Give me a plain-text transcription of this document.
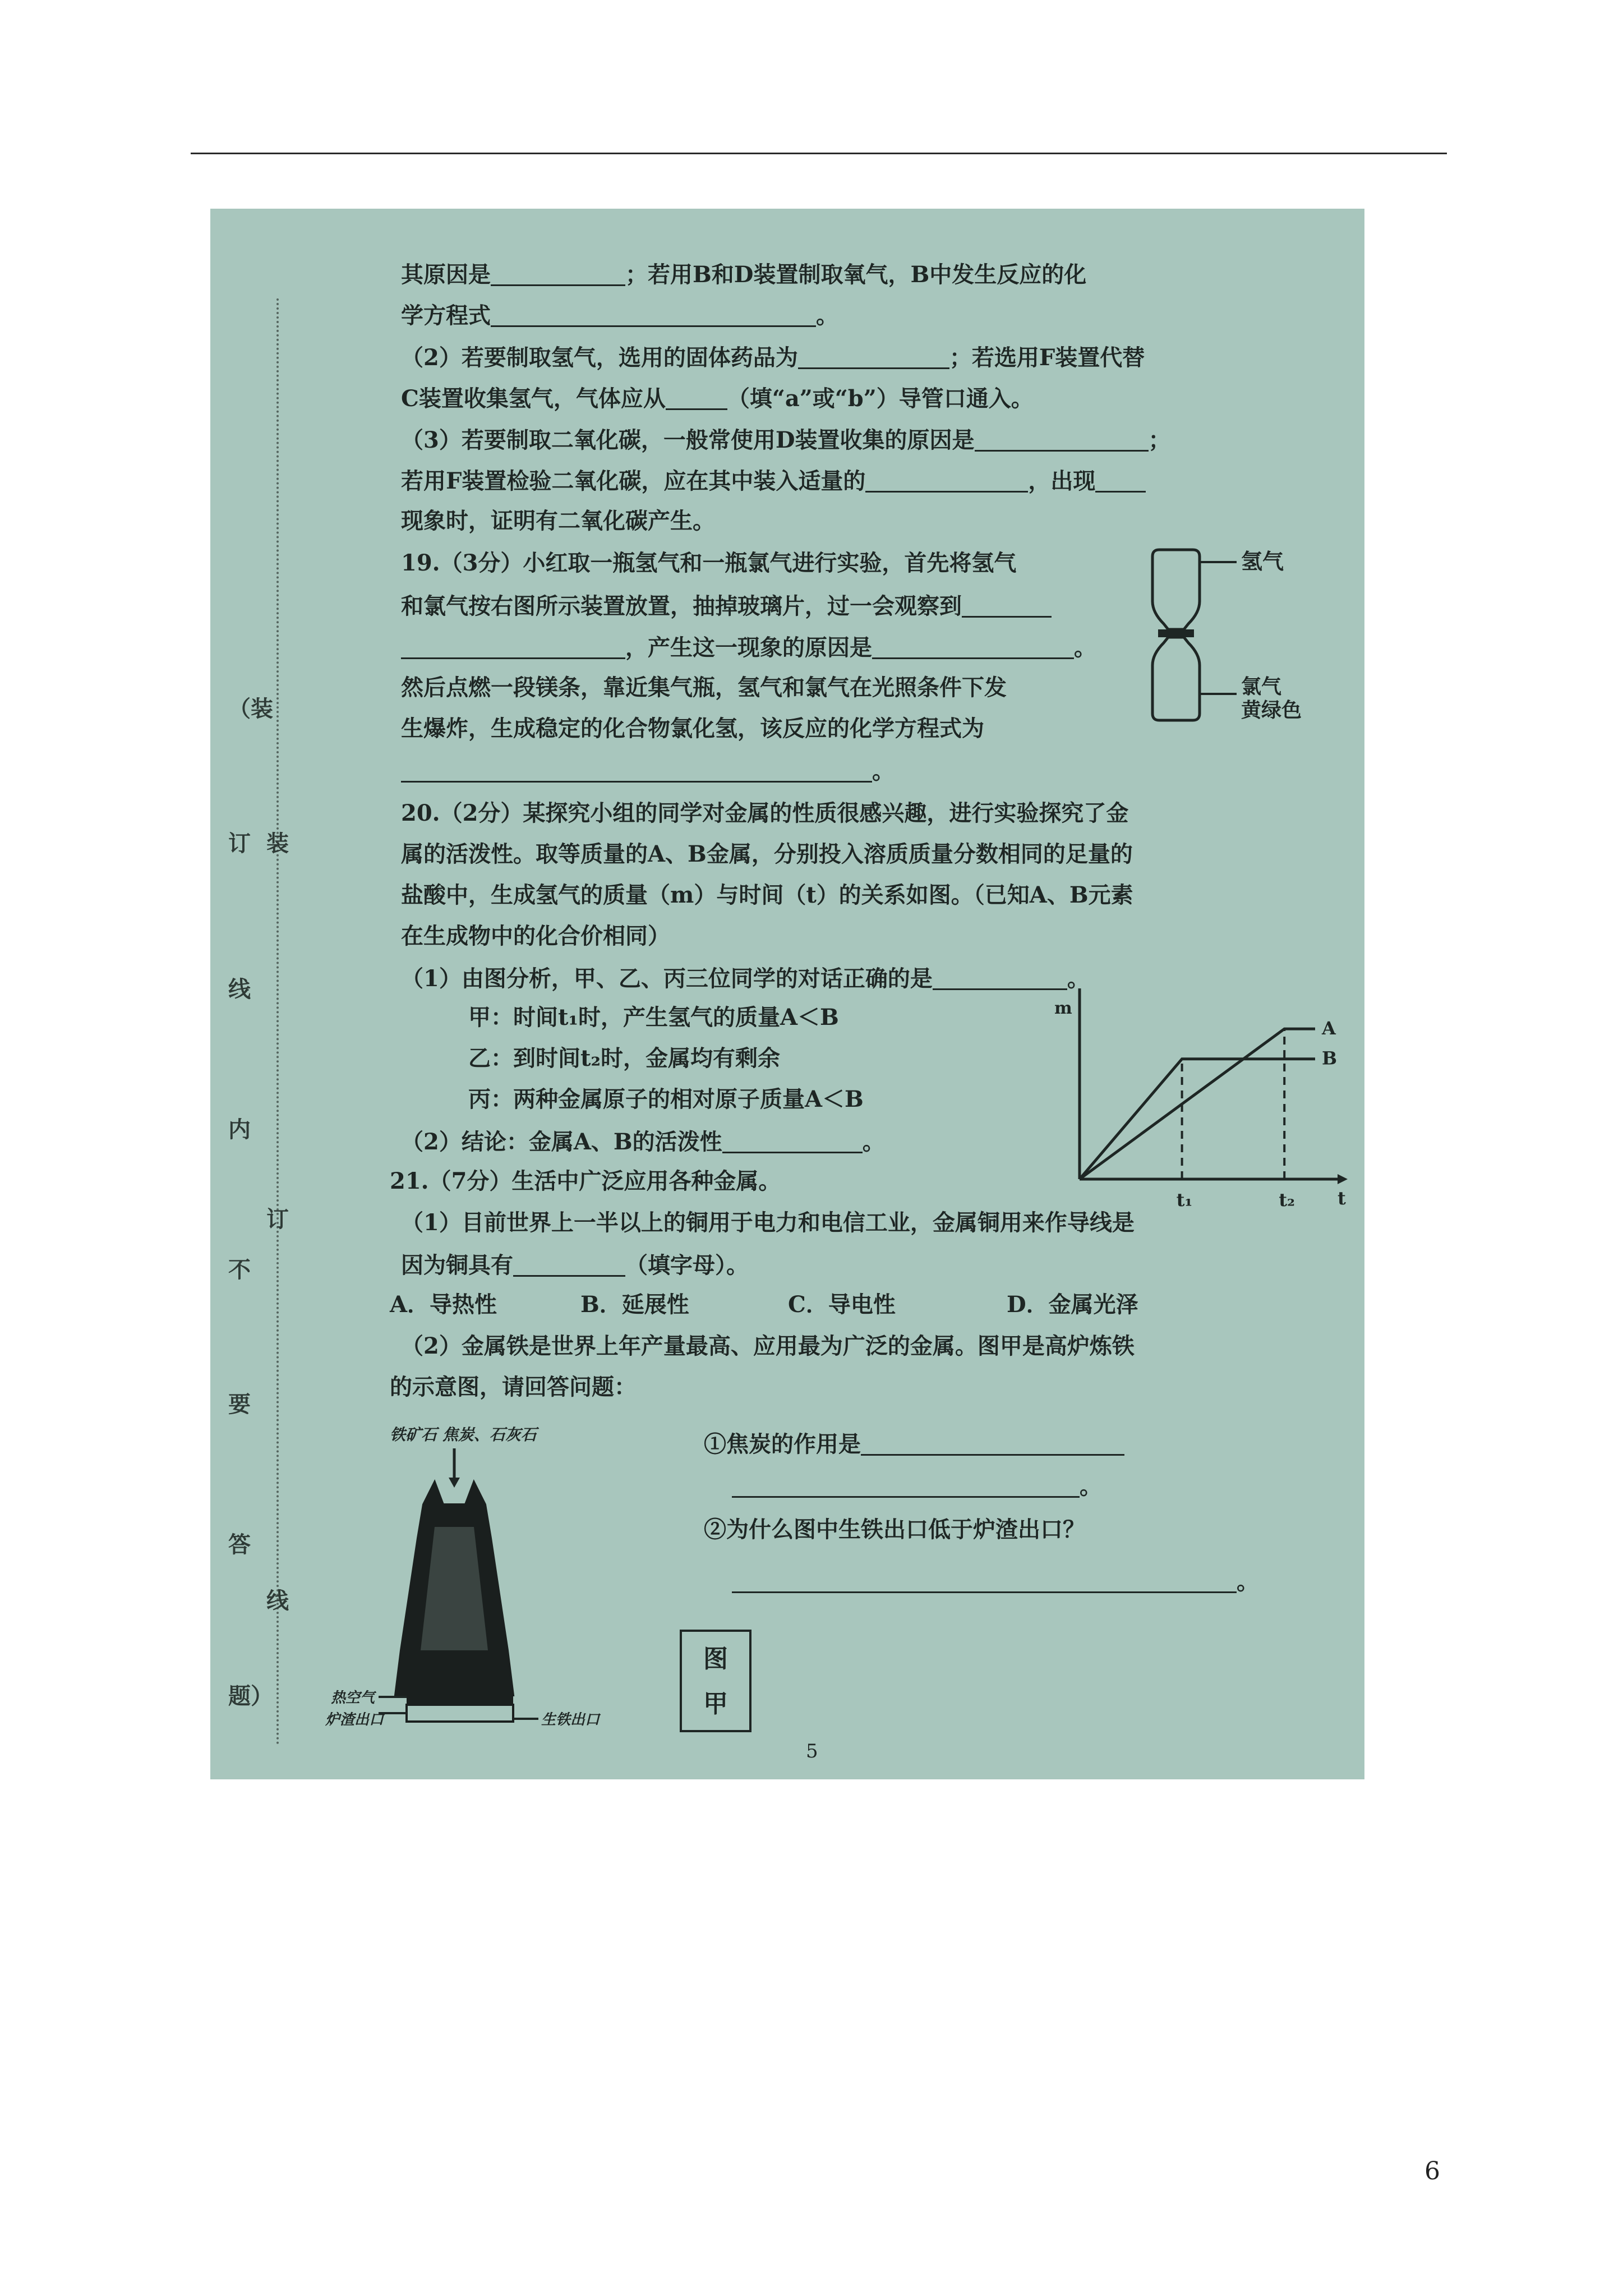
（装
订
线
内
不
要
答
题）
装
订
线
其原因是	；若用B和D装置制取氧气，B中发生反应的化
学方程式	。
（2）若要制取氢气，选用的固体药品为	；若选用F装置代替
C装置收集氢气，气体应从	（填“a”或“b”）导管口通入。
（3）若要制取二氧化碳，一般常使用D装置收集的原因是	；
若用F装置检验二氧化碳，应在其中装入适量的	，出现
现象时，证明有二氧化碳产生。
19.（3分）小红取一瓶氢气和一瓶氯气进行实验，首先将氢气
和氯气按右图所示装置放置，抽掉玻璃片，过一会观察到
，产生这一现象的原因是	。
然后点燃一段镁条，靠近集气瓶，氢气和氯气在光照条件下发
生爆炸，生成稳定的化合物氯化氢，该反应的化学方程式为
。
氢气
氯气
黄绿色
20.（2分）某探究小组的同学对金属的性质很感兴趣，进行实验探究了金
属的活泼性。取等质量的A、B金属，分别投入溶质质量分数相同的足量的
盐酸中，生成氢气的质量（m）与时间（t）的关系如图。（已知A、B元素
在生成物中的化合价相同）
（1）由图分析，甲、乙、丙三位同学的对话正确的是	。
甲：时间t₁时，产生氢气的质量A＜B
乙：到时间t₂时，金属均有剩余
丙：两种金属原子的相对原子质量A＜B
（2）结论：金属A、B的活泼性	。
m
t
t₁	t₂
A
B
21.（7分）生活中广泛应用各种金属。
（1）目前世界上一半以上的铜用于电力和电信工业，金属铜用来作导线是
因为铜具有	（填字母）。
A．导热性	B．延展性	C．导电性	D．金属光泽
（2）金属铁是世界上年产量最高、应用最为广泛的金属。图甲是高炉炼铁
的示意图，请回答问题：
①焦炭的作用是
。
②为什么图中生铁出口低于炉渣出口？
。
铁矿石 焦炭、石灰石
热空气
炉渣出口	生铁出口
图
甲
5
6
